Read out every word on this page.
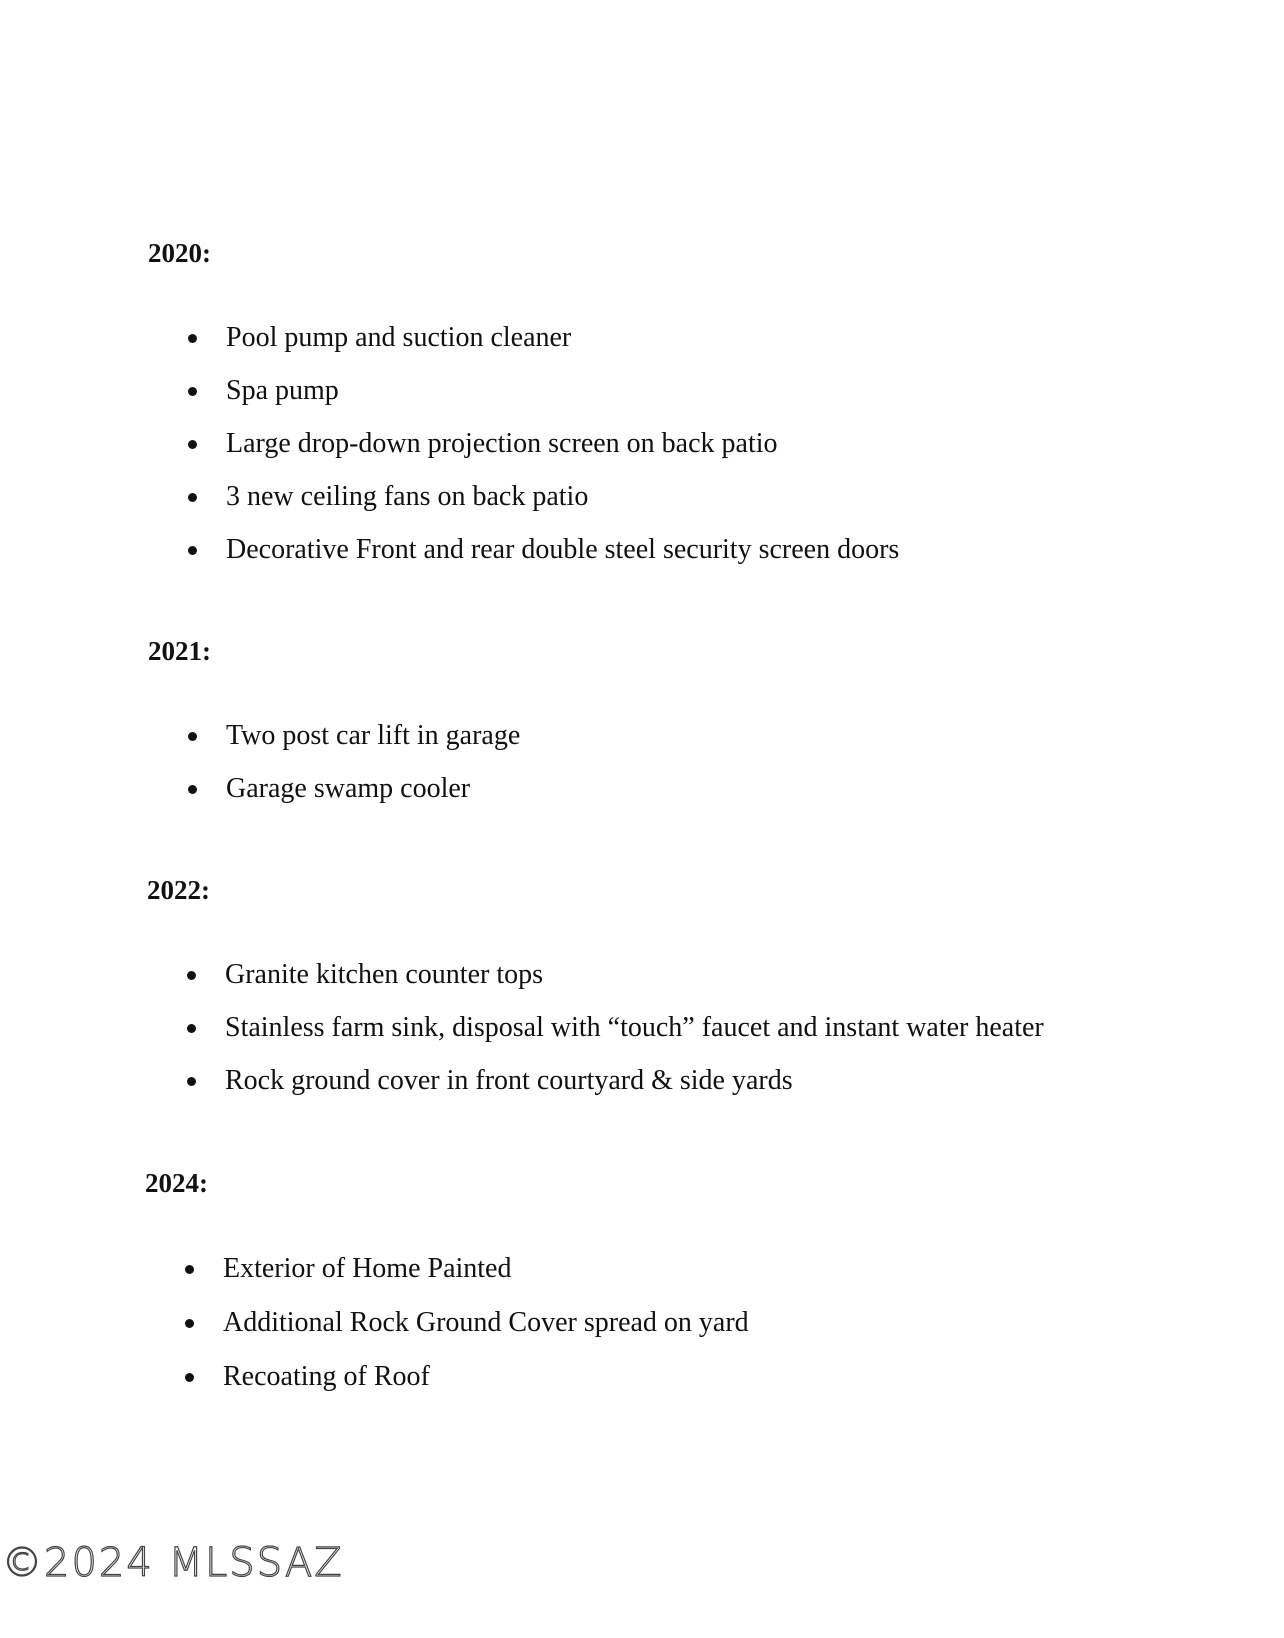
2020:
Pool pump and suction cleaner
Spa pump
Large drop-down projection screen on back patio
3 new ceiling fans on back patio
Decorative Front and rear double steel security screen doors
2021:
Two post car lift in garage
Garage swamp cooler
2022:
Granite kitchen counter tops
Stainless farm sink, disposal with “touch” faucet and instant water heater
Rock ground cover in front courtyard & side yards
2024:
Exterior of Home Painted
Additional Rock Ground Cover spread on yard
Recoating of Roof
©2024 MLSSAZ
